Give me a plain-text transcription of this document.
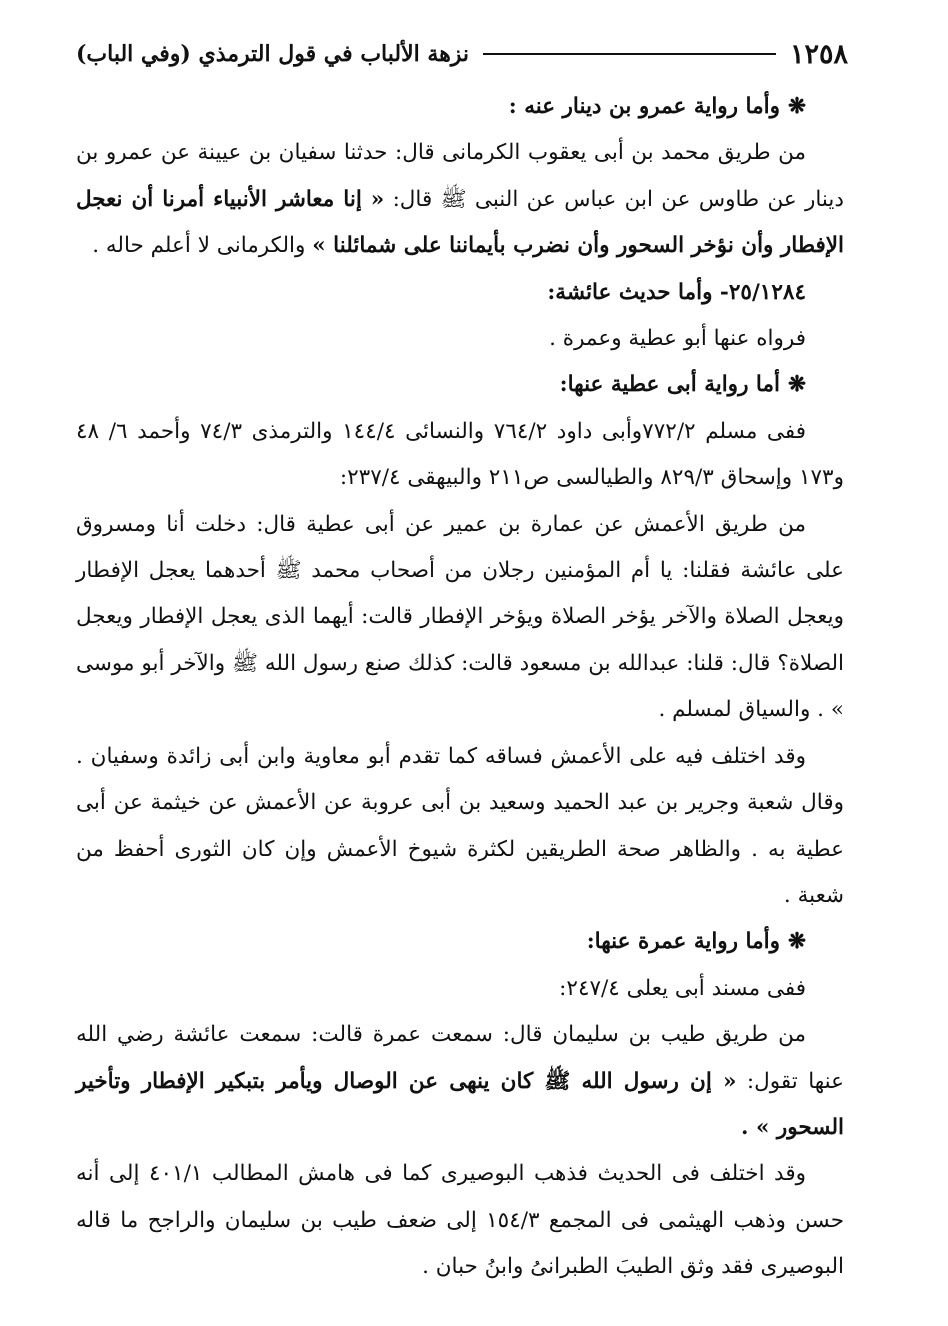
١٢٥٨
نزهة الألباب في قول الترمذي (وفي الباب)

❋وأما رواية عمرو بن دينار عنه :

من طريق محمد بن أبى يعقوب الكرمانى قال: حدثنا سفيان بن عيينة عن عمرو بن دينار عن طاوس عن ابن عباس عن النبى ﷺ قال: « إنا معاشر الأنبياء أمرنا أن نعجل الإفطار وأن نؤخر السحور وأن نضرب بأيماننا على شمائلنا » والكرمانى لا أعلم حاله .

٢٥/١٢٨٤- وأما حديث عائشة:

فرواه عنها أبو عطية وعمرة .

❋أما رواية أبى عطية عنها:

ففى مسلم ٧٧٢/٢وأبى داود ٧٦٤/٢ والنسائى ١٤٤/٤ والترمذى ٧٤/٣ وأحمد ٦/ ٤٨ و١٧٣ وإسحاق ٨٢٩/٣ والطيالسى ص٢١١ والبيهقى ٢٣٧/٤:

من طريق الأعمش عن عمارة بن عمير عن أبى عطية قال: دخلت أنا ومسروق على عائشة فقلنا: يا أم المؤمنين رجلان من أصحاب محمد ﷺ أحدهما يعجل الإفطار ويعجل الصلاة والآخر يؤخر الصلاة ويؤخر الإفطار قالت: أيهما الذى يعجل الإفطار ويعجل الصلاة؟ قال: قلنا: عبدالله بن مسعود قالت: كذلك صنع رسول الله ﷺ والآخر أبو موسى » . والسياق لمسلم .

وقد اختلف فيه على الأعمش فساقه كما تقدم أبو معاوية وابن أبى زائدة وسفيان . وقال شعبة وجرير بن عبد الحميد وسعيد بن أبى عروبة عن الأعمش عن خيثمة عن أبى عطية به . والظاهر صحة الطريقين لكثرة شيوخ الأعمش وإن كان الثورى أحفظ من شعبة .

❋وأما رواية عمرة عنها:

ففى مسند أبى يعلى ٢٤٧/٤:

من طريق طيب بن سليمان قال: سمعت عمرة قالت: سمعت عائشة رضي الله عنها تقول: « إن رسول الله ﷺ كان ينهى عن الوصال ويأمر بتبكير الإفطار وتأخير السحور » .

وقد اختلف فى الحديث فذهب البوصيرى كما فى هامش المطالب ٤٠١/١ إلى أنه حسن وذهب الهيثمى فى المجمع ١٥٤/٣ إلى ضعف طيب بن سليمان والراجح ما قاله البوصيرى فقد وثق الطيبَ الطبرانىُ وابنُ حبان .
